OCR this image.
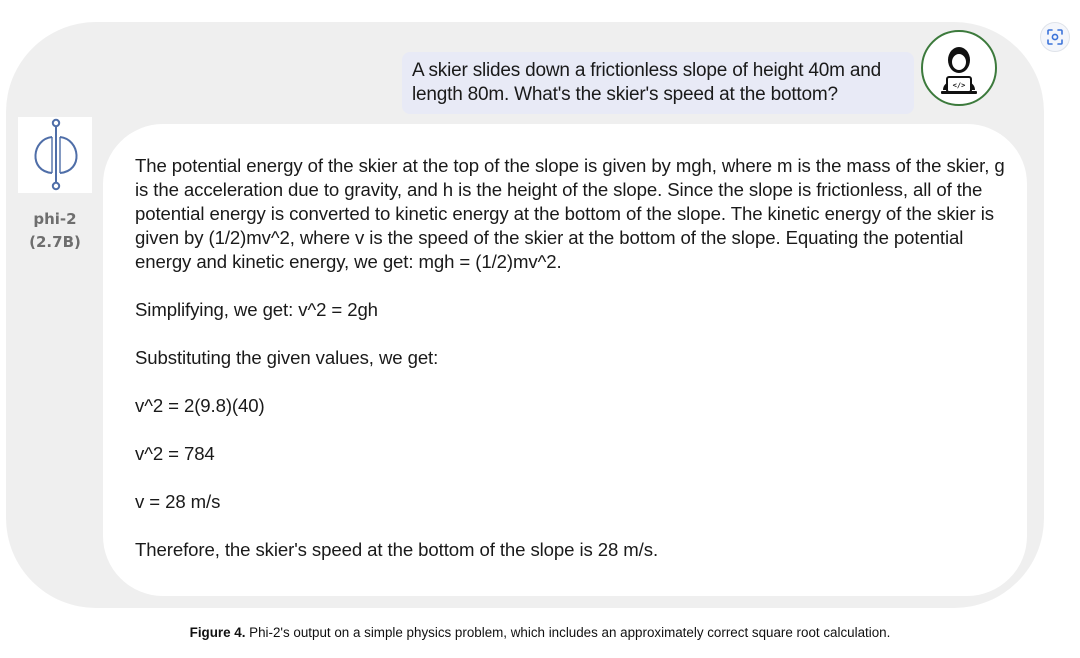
A skier slides down a frictionless slope of height 40m and length 80m. What's the skier's speed at the bottom?	</>
phi-2
(2.7B)

The potential energy of the skier at the top of the slope is given by mgh, where m is the mass of the skier, g is the acceleration due to gravity, and h is the height of the slope. Since the slope is frictionless, all of the potential energy is converted to kinetic energy at the bottom of the slope. The kinetic energy of the skier is given by (1/2)mv^2, where v is the speed of the skier at the bottom of the slope. Equating the potential energy and kinetic energy, we get: mgh = (1/2)mv^2.

Simplifying, we get: v^2 = 2gh

Substituting the given values, we get:

v^2 = 2(9.8)(40)

v^2 = 784

v = 28 m/s

Therefore, the skier's speed at the bottom of the slope is 28 m/s.

Figure 4. Phi-2's output on a simple physics problem, which includes an approximately correct square root calculation.
